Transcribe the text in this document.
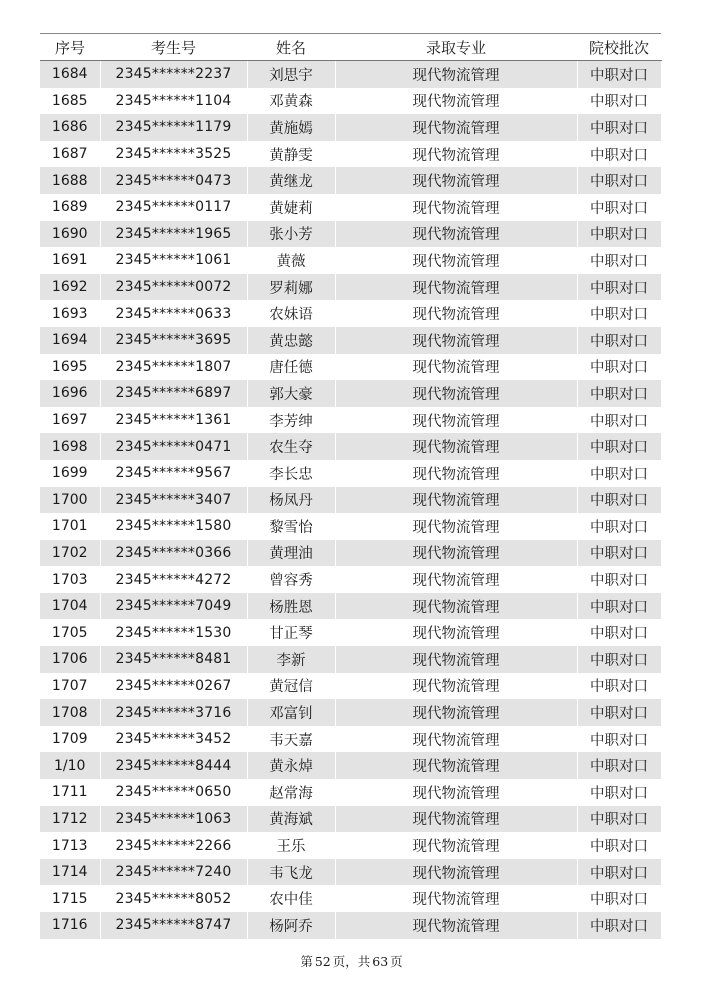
序号	考生号	姓名	录取专业	院校批次
1684	2345******2237	刘思宇	现代物流管理	中职对口
1685	2345******1104	邓黄森	现代物流管理	中职对口
1686	2345******1179	黄施嫣	现代物流管理	中职对口
1687	2345******3525	黄静雯	现代物流管理	中职对口
1688	2345******0473	黄继龙	现代物流管理	中职对口
1689	2345******0117	黄婕莉	现代物流管理	中职对口
1690	2345******1965	张小芳	现代物流管理	中职对口
1691	2345******1061	黄薇	现代物流管理	中职对口
1692	2345******0072	罗莉娜	现代物流管理	中职对口
1693	2345******0633	农妹语	现代物流管理	中职对口
1694	2345******3695	黄忠懿	现代物流管理	中职对口
1695	2345******1807	唐任德	现代物流管理	中职对口
1696	2345******6897	郭大豪	现代物流管理	中职对口
1697	2345******1361	李芳绅	现代物流管理	中职对口
1698	2345******0471	农生夺	现代物流管理	中职对口
1699	2345******9567	李长忠	现代物流管理	中职对口
1700	2345******3407	杨凤丹	现代物流管理	中职对口
1701	2345******1580	黎雪怡	现代物流管理	中职对口
1702	2345******0366	黄理油	现代物流管理	中职对口
1703	2345******4272	曾容秀	现代物流管理	中职对口
1704	2345******7049	杨胜恩	现代物流管理	中职对口
1705	2345******1530	甘正琴	现代物流管理	中职对口
1706	2345******8481	李新	现代物流管理	中职对口
1707	2345******0267	黄冠信	现代物流管理	中职对口
1708	2345******3716	邓富钊	现代物流管理	中职对口
1709	2345******3452	韦天嘉	现代物流管理	中职对口
1/10	2345******8444	黄永焯	现代物流管理	中职对口
1711	2345******0650	赵常海	现代物流管理	中职对口
1712	2345******1063	黄海斌	现代物流管理	中职对口
1713	2345******2266	王乐	现代物流管理	中职对口
1714	2345******7240	韦飞龙	现代物流管理	中职对口
1715	2345******8052	农中佳	现代物流管理	中职对口
1716	2345******8747	杨阿乔	现代物流管理	中职对口
第 52 页，共 63 页
